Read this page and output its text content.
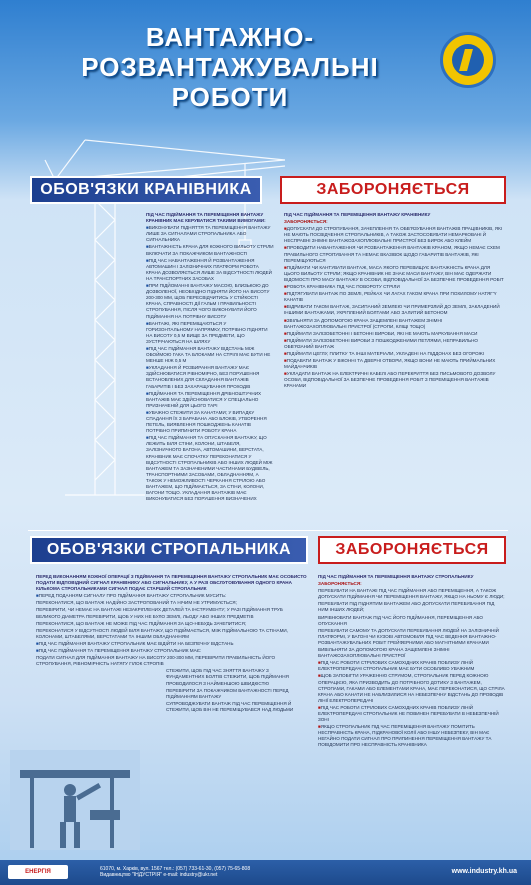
ВАНТАЖНО-РОЗВАНТАЖУВАЛЬНІ
РОБОТИ
ОБОВ'ЯЗКИ КРАНІВНИКА	ЗАБОРОНЯЄТЬСЯ

ПІД ЧАС ПІДІЙМАННЯ ТА ПЕРЕМІЩЕННЯ ВАНТАЖУ КРАНІВНИК МАЄ КЕРУВАТИСЯ ТАКИМИ ВИМОГАМИ:

■ ВИКОНУВАТИ ПІДНЯТТЯ ТА ПЕРЕМІЩЕННЯ ВАНТАЖУ ЛИШЕ ЗА СИГНАЛАМИ СТРОПАЛЬНИКА АБО СИГНАЛЬНИКА

■ ВАНТАЖНІСТЬ КРАНА ДЛЯ КОЖНОГО ВИЛЬОТУ СТРІЛИ ВКЛЮЧАТИ ЗА ПОКАЖЧИКОМ ВАНТАЖНОСТІ

■ ПІД ЧАС НАВАНТАЖЕННЯ Й РОЗВАНТАЖЕННЯ АВТОМАШИН І ЗАЛІЗНИЧНИХ ПЛАТФОРМ РОБОТА КРАНА ДОЗВОЛЯЄТЬСЯ ЛИШЕ ЗА ВІДСУТНОСТІ ЛЮДЕЙ НА ТРАНСПОРТНИХ ЗАСОБАХ

■ ПРИ ПІДЙОМАННІ ВАНТАЖУ МАСОЮ, БЛИЗЬКОЮ ДО ДОЗВОЛЕНОЇ, НЕОБХІДНО ПІДНЯТИ ЙОГО НА ВИСОТУ 200-300 ММ, ЩОБ ПЕРЕСВІДЧИТИСЬ У СТІЙКОСТІ КРАНА, СПРАВНОСТІ ДІЇ ГАЛЬМ І ПРАВИЛЬНОСТІ СТРОПУВАННЯ, ПІСЛЯ ЧОГО ВИКОНУВАТИ ЙОГО ПІДЙМАННЯ НА ПОТРІБНУ ВИСОТУ

■ ВАНТАЖІ, ЯКІ ПЕРЕМІЩАЮТЬСЯ У ГОРИЗОНТАЛЬНОМУ НАПРЯМКУ, ПОТРІБНО ПІДНЯТИ НА ВИСОТУ 0,5 М ВИЩЕ ЗА ПРЕДМЕТИ, ЩО ЗУСТРІЧАЮТЬСЯ НА ШЛЯХУ

■ ПІД ЧАС ПІДЙМАННЯ ВАНТАЖУ ВІДСТАНЬ МІЖ ОБОЙМОЮ ГАКА ТА БЛОКАМИ НА СТРІЛІ МАЄ БУТИ НЕ МЕНШЕ НІЖ 0,5 М

■ УКЛАДАННЯ Й РОЗБИРАННЯ ВАНТАЖУ МАЄ ЗДІЙСНЮВАТИСЯ РІВНОМІРНО, БЕЗ ПОРУШЕННЯ ВСТАНОВЛЕНИХ ДЛЯ СКЛАДАННЯ ВАНТАЖІВ ГАБАРИТІВ І БЕЗ ЗАХАРАЩУВАННЯ ПРОХОДІВ

■ ПІДЙМАННЯ ТА ПЕРЕМІЩЕННЯ ДРІБНОШТУЧНИХ ВАНТАЖІВ МАЄ ЗДІЙСНЮВАТИСЯ У СПЕЦІАЛЬНО ПРИЗНАЧЕНІЙ ДЛЯ ЦЬОГО ТАРІ

■ УВАЖНО СТЕЖИТИ ЗА КАНАТАМИ; У ВИПАДКУ СПАДАННЯ ЇХ З БАРАБАНА АБО БЛОКІВ, УТВОРЕННЯ ПЕТЕЛЬ, ВИЯВЛЕННЯ ПОШКОДЖЕНЬ КАНАТІВ ПОТРІБНО ПРИПИНИТИ РОБОТУ КРАНА

■ ПІД ЧАС ПІДЙМАННЯ ТА ОПУСКАННЯ ВАНТАЖУ, ЩО ЛЕЖИТЬ БІЛЯ СТІНИ, КОЛОНИ, ШТАБЕЛЯ, ЗАЛІЗНИЧНОГО ВАГОНА, АВТОМАШИНИ, ВЕРСТАТА, КРАНІВНИК МАЄ СПОЧАТКУ ПЕРЕКОНАТИСЯ У ВІДСУТНОСТІ СТРОПАЛЬНИКІВ АБО ІНШИХ ЛЮДЕЙ МІЖ ВАНТАЖЕМ ТА ЗАЗНАЧЕНИМИ ЧАСТИНАМИ БУДІВЕЛЬ, ТРАНСПОРТНИМИ ЗАСОБАМИ, ОБЛАДНАННЯМ, А ТАКОЖ У НЕМОЖЛИВОСТІ ЧЕРКАННЯ СТРІЛОЮ АБО ВАНТАЖЕМ, ЩО ПІДЙМАЄТЬСЯ, ЗА СТІНИ, КОЛОНИ, ВАГОНИ ТОЩО. УКЛАДАННЯ ВАНТАЖІВ МАЄ ВИКОНУВАТИСЯ БЕЗ ПОРУШЕННЯ ВИЗНАЧЕНИХ

ПІД ЧАС ПІДЙМАННЯ ТА ПЕРЕМІЩЕННЯ ВАНТАЖУ КРАНІВНИКУ

ЗАБОРОНЯЄТЬСЯ:

■ ДОПУСКАТИ ДО СТРОПУВАННЯ, ЗАЧЕПЛЕННЯ ТА ОБВ'ЯЗУВАННЯ ВАНТАЖІВ ПРАЦІВНИКІВ, ЯКІ НЕ МАЮТЬ ПОСВІДЧЕННЯ СТРОПАЛЬНИКІВ, А ТАКОЖ ЗАСТОСОВУВАТИ НЕМАРКОВАНІ Й НЕСПРАВНІ ЗНІМНІ ВАНТАЖОЗАХОПЛЮВАЛЬНІ ПРИСТРОЇ БЕЗ БИРОК АБО КЛЕЙМ

■ ПРОВОДИТИ НАВАНТАЖЕННЯ ЧИ РОЗВАНТАЖЕННЯ ВАНТАЖІВ КРАНОМ, ЯКЩО НЕМАЄ СХЕМ ПРАВИЛЬНОГО СТРОПУВАННЯ ТА НЕМАЄ ВКАЗІВОК ЩОДО ГАБАРИТІВ ВАНТАЖІВ, ЯКІ ПЕРЕМІЩУЮТЬСЯ

■ ПІДЙМАТИ ЧИ КАНТУВАТИ ВАНТАЖ, МАСА ЯКОГО ПЕРЕВИЩУЄ ВАНТАЖНІСТЬ КРАНА ДЛЯ ЦЬОГО ВИЛЬОТУ СТРІЛИ; ЯКЩО КРАНІВНИК НЕ ЗНАЄ МАСИ ВАНТАЖУ, ВІН МАЄ ОДЕРЖАТИ ВІДОМОСТІ ПРО МАСУ ВАНТАЖУ В ОСОБИ, ВІДПОВІДАЛЬНОЇ ЗА БЕЗПЕЧНЕ ПРОВЕДЕННЯ РОБІТ

■ РОБОТА КРАНІВНИКА ПІД ЧАС ПОВОРОТУ СТРІЛИ

■ ПІДТЯГУВАТИ ВАНТАЖ ПО ЗЕМЛІ, РЕЙКАХ ЧИ ЛАГАХ ГАКОМ КРАНА ПРИ ПОХИЛОМУ НАТЯГ'Y КАНАТІВ

■ ВІДРИВАТИ ГАКОМ ВАНТАЖ, ЗАСИПАНИЙ ЗЕМЛЕЮ ЧИ ПРИМЕРЗЛИЙ ДО ЗЕМЛІ, ЗАКЛАДЕНИЙ ІНШИМИ ВАНТАЖАМИ, УКРІПЛЕНИЙ БОЛТАМИ АБО ЗАЛИТИЙ БЕТОНОМ

■ ЗВІЛЬНЯТИ ЗА ДОПОМОГОЮ КРАНА ЗАЩЕМЛЕНІ ВАНТАЖЕМ ЗНІМНІ ВАНТАЖОЗАХОПЛЮВАЛЬНІ ПРИСТРОЇ (СТРОПИ, КЛІЩІ ТОЩО)

■ ПІДІЙМАТИ ЗАЛІЗОБЕТОННІ І БЕТОННІ ВИРОБИ, ЯКІ НЕ МАЮТЬ МАРКУВАННЯ МАСИ

■ ПІДІЙМАТИ ЗАЛІЗОБЕТОННІ ВИРОБИ З ПОШКОДЖЕНИМИ ПЕТЛЯМИ, НЕПРАВИЛЬНО ОБВ'ЯЗАНИЙ ВАНТАЖ

■ ПІДІЙМАТИ ЦЕГЛУ, ПЛИТКУ ТА ІНШІ МАТЕРІАЛИ, УКЛАДЕНІ НА ПІДДОНАХ БЕЗ ОГОРОЖІ

■ ПОДАВАТИ ВАНТАЖ У ВІКОННІ ТА ДВЕРНІ ОТВОРИ, ЯКЩО ВОНИ НЕ МАЮТЬ ПРИЙМАЛЬНИХ МАЙДАНЧИКІВ

■ УКЛАДАТИ ВАНТАЖ НА ЕЛЕКТРИЧНІ КАБЕЛІ АБО ПЕРЕКРИТТЯ БЕЗ ПИСЬМОВОГО ДОЗВОЛУ ОСОБИ, ВІДПОВІДАЛЬНОЇ ЗА БЕЗПЕЧНЕ ПРОВЕДЕННЯ РОБІТ З ПЕРЕМІЩЕННЯ ВАНТАЖІВ КРАНАМИ

ОБОВ'ЯЗКИ СТРОПАЛЬНИКА	ЗАБОРОНЯЄТЬСЯ

ПЕРЕД ВИКОНАННЯМ КОЖНОЇ ОПЕРАЦІЇ З ПІДЙМАННЯ ТА ПЕРЕМІЩЕННЯ ВАНТАЖУ СТРОПАЛЬНИК МАЄ ОСОБИСТО ПОДАТИ ВІДПОВІДНИЙ СИГНАЛ КРАНІВНИКУ АБО СИГНАЛЬНИКУ, А У РАЗІ ОБСЛУГОВУВАННЯ ОДНОГО КРАНА КІЛЬКОМА СТРОПАЛЬНИКАМИ СИГНАЛ ПОДАЄ СТАРШИЙ СТРОПАЛЬНИК

■ ПЕРЕД ПОДАННЯМ СИГНАЛУ ПРО ПІДЙМАННЯ ВАНТАЖУ СТРОПАЛЬНИК МУСИТЬ:

ПЕРЕКОНАТИСЯ, ЩО ВАНТАЖ НАДІЙНО ЗАСТРОПОВАНИЙ ТА НІЧИМ НЕ УТРИМУЄТЬСЯ;

ПЕРЕВІРИТИ, ЧИ НЕМАЄ НА ВАНТАЖІ НЕЗАКРІПЛЕНИХ ДЕТАЛЕЙ ТА ІНСТРУМЕНТУ; У РАЗІ ПІДЙМАННЯ ТРУБ ВЕЛИКОГО ДІАМЕТРА ПЕРЕВІРИТИ, ЩОБ У НИХ НЕ БУЛО ЗЕМЛІ, ЛЬОДУ АБО ІНШИХ ПРЕДМЕТІВ

ПЕРЕКОНАТИСЯ, ЩО ВАНТАЖ НЕ МОЖЕ ПІД ЧАС ПІДЙМАННЯ ЗА ЩО-НЕБУДЬ ЗАЧЕПИТИСЯ;

ПЕРЕКОНАТИСЯ У ВІДСУТНОСТІ ЛЮДЕЙ БІЛЯ ВАНТАЖУ, ЩО ПІДІЙМАЄТЬСЯ, МІЖ ПІДЙМАЛЬНОЮ ТА СТІНАМИ, КОЛОНАМИ, ШТАБЕЛЯМИ, ВЕРСТАТАМИ ТА ІНШИМ ОБЛАДНАННЯМ

■ ПІД ЧАС ПІДЙМАННЯ ВАНТАЖУ СТРОПАЛЬНИК МАЄ ВІДІЙТИ НА БЕЗПЕЧНУ ВІДСТАНЬ

■ ПІД ЧАС ПІДЙМАННЯ ТА ПЕРЕМІЩЕННЯ ВАНТАЖУ СТРОПАЛЬНИК МАЄ:

ПОДАТИ СИГНАЛ ДЛЯ ПІДЙМАННЯ ВАНТАЖУ НА ВИСОТУ 200-300 ММ, ПЕРЕВІРИТИ ПРАВИЛЬНІСТЬ ЙОГО СТРОПУВАННЯ, РІВНОМІРНІСТЬ НАТЯГУ ГІЛОК СТРОПІВ

СТЕЖИТИ, ЩОБ ПІД ЧАС ЗНЯТТЯ ВАНТАЖУ З ФУНДАМЕНТНИХ БОЛТІВ СТЕЖИТИ, ЩОБ ПІДЙМАННЯ ПРОВОДИЛОСЯ З НАЙМЕНШОЮ ШВИДКІСТЮ

ПЕРЕВІРИТИ ЗА ПОКАЖЧИКОМ ВАНТАЖНОСТІ ПЕРЕД ПІДЙМАННЯМ ВАНТАЖУ

СУПРОВОДЖУВАТИ ВАНТАЖ ПІД ЧАС ПЕРЕМІЩЕННЯ Й СТЕЖИТИ, ЩОБ ВІН НЕ ПЕРЕМІЩУВАВСЯ НАД ЛЮДЬМИ

ПІД ЧАС ПІДЙМАННЯ ТА ПЕРЕМІЩЕННЯ ВАНТАЖУ СТРОПАЛЬНИКУ

ЗАБОРОНЯЄТЬСЯ:

ПЕРЕБУВАТИ НА ВАНТАЖІ ПІД ЧАС ПІДЙМАННЯ АБО ПЕРЕМІЩЕННЯ, А ТАКОЖ ДОПУСКАТИ ПІДЙМАННЯ ЧИ ПЕРЕМІЩЕННЯ ВАНТАЖУ, ЯКЩО НА НЬОМУ Є ЛЮДИ;

ПЕРЕБУВАТИ ПІД ПІДНЯТИМ ВАНТАЖЕМ АБО ДОПУСКАТИ ПЕРЕБУВАННЯ ПІД НИМ ІНШИХ ЛЮДЕЙ;

ВИРІВНЮВАТИ ВАНТАЖ ПІД ЧАС ЙОГО ПІДЙМАННЯ, ПЕРЕМІЩЕННЯ АБО ОПУСКАННЯ

ПЕРЕБУВАТИ САМОМУ ТА ДОПУСКАТИ ПЕРЕБУВАННЯ ЛЮДЕЙ НА ЗАЛІЗНИЧНІЙ ПЛАТФОРМІ, У ВАГОНІ ЧИ КУЗОВІ АВТОМОБІЛЯ ПІД ЧАС ВЕДЕННЯ ВАНТАЖНО-РОЗВАНТАЖУВАЛЬНИХ РОБІТ ГРЕЙФЕРНИМИ АБО МАГНІТНИМИ КРАНАМИ

ВИВІЛЬНЯТИ ЗА ДОПОМОГОЮ КРАНА ЗАЩЕМЛЕНІ ЗНІМНІ ВАНТАЖОЗАХОПЛЮВАЛЬНІ ПРИСТРОЇ

■ ПІД ЧАС РОБОТИ СТРІЛОВИХ САМОХІДНИХ КРАНІВ ПОБЛИЗУ ЛІНІЙ ЕЛЕКТРОПЕРЕДАЧІ СТРОПАЛЬНИК МАЄ БУТИ ОСОБЛИВО УВАЖНИМ

■ ЩОБ ЗАПОБІГТИ УРАЖЕННЮ СТРУМОМ, СТРОПАЛЬНИК ПЕРЕД КОЖНОЮ ОПЕРАЦІЄЮ, ЯКА ПРИЗВОДИТЬ ДО ПОТРІБНОГО ДОТИКУ З ВАНТАЖЕМ, СТРОПАМИ, ГАКАМИ АБО ЕЛЕМЕНТАМИ КРАНА, МАЄ ПЕРЕКОНАТИСЯ, ЩО СТРІЛА КРАНА АБО КАНАТИ НЕ НАБЛИЗИЛИСЯ НА НЕБЕЗПЕЧНУ ВІДСТАНЬ ДО ПРОВОДІВ ЛІНІЇ ЕЛЕКТРОПЕРЕДАЧІ

■ ПІД ЧАС РОБОТИ СТРІЛОВИХ САМОХІДНИХ КРАНІВ ПОБЛИЗУ ЛІНІЙ ЕЛЕКТРОПЕРЕДАЧІ СТРОПАЛЬНИК НЕ ПОВИНЕН ПЕРЕБУВАТИ В НЕБЕЗПЕЧНІЙ ЗОНІ

■ ЯКЩО СТРОПАЛЬНИК ПІД ЧАС ПЕРЕМІЩЕННЯ ВАНТАЖУ ПОМІТИТЬ НЕСПРАВНІСТЬ КРАНА, ПІДКРАНОВОЇ КОЛІЇ АБО ІНШУ НЕБЕЗПЕКУ, ВІН МАЄ НЕГАЙНО ПОДАТИ СИГНАЛ ПРО ПРИПИНЕННЯ ПЕРЕМІЩЕННЯ ВАНТАЖУ ТА ПОВІДОМИТИ ПРО НЕСПРАВНІСТЬ КРАНІВНИКА

ЕНЕРГІЯ	61070, м. Харків, вул. 1567 тел.: (057) 733-61-30, (057) 75-65-808
Видавництво "ІНДУСТРІЯ" e-mail: industry@ukr.net	www.industry.kh.ua
